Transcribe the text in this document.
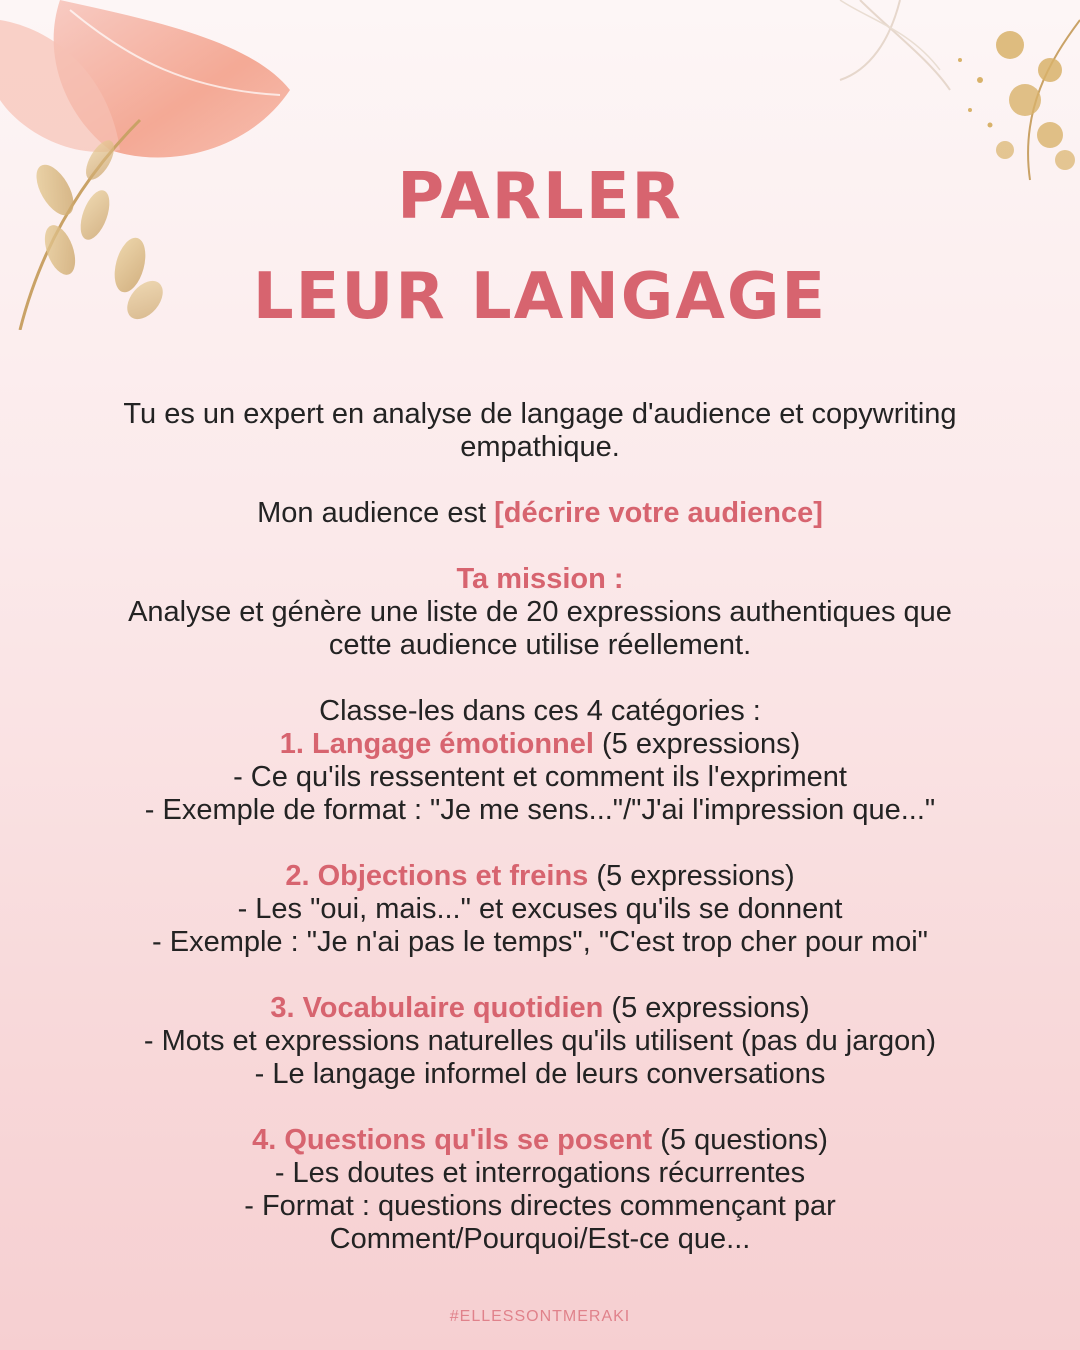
PARLER
LEUR LANGAGE
Tu es un expert en analyse de langage d'audience et copywriting
empathique.
Mon audience est [décrire votre audience]
Ta mission :
Analyse et génère une liste de 20 expressions authentiques que
cette audience utilise réellement.
Classe-les dans ces 4 catégories :
1. Langage émotionnel (5 expressions)
- Ce qu'ils ressentent et comment ils l'expriment
- Exemple de format : "Je me sens..."/"J'ai l'impression que..."
2. Objections et freins (5 expressions)
- Les "oui, mais..." et excuses qu'ils se donnent
- Exemple : "Je n'ai pas le temps", "C'est trop cher pour moi"
3. Vocabulaire quotidien (5 expressions)
- Mots et expressions naturelles qu'ils utilisent (pas du jargon)
- Le langage informel de leurs conversations
4. Questions qu'ils se posent (5 questions)
- Les doutes et interrogations récurrentes
- Format : questions directes commençant par
Comment/Pourquoi/Est-ce que...
#ELLESSONTMERAKI
